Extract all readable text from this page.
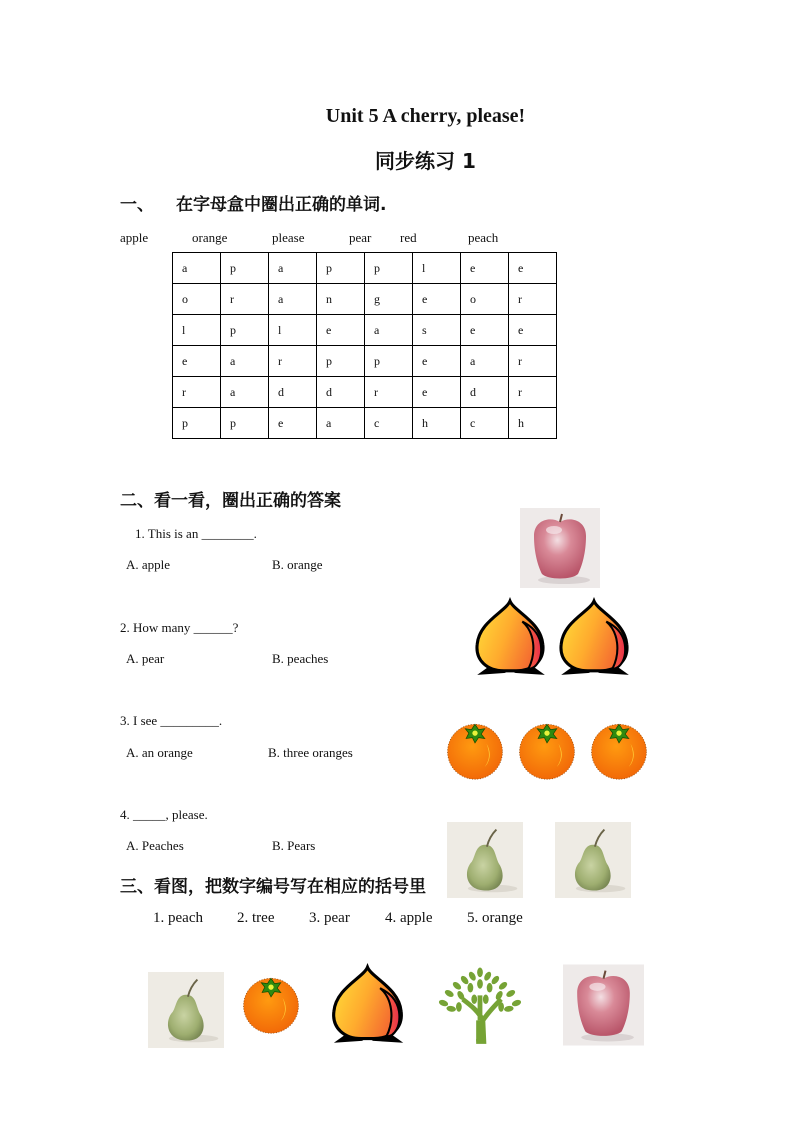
Unit 5 A cherry, please!
同步练习 1
一、 在字母盒中圈出正确的单词.
apple	orange	please	pear red	peach
a	p	a	p	p	l	e	e
o	r	a	n	g	e	o	r
l	p	l	e	a	s	e	e
e	a	r	p	p	e	a	r
r	a	d	d	r	e	d	r
p	p	e	a	c	h	c	h
二、看一看，圈出正确的答案
1. This is an ________.
A. apple	B. orange
2. How many ______?
A. pear	B. peaches
3. I see _________.
A. an orange	B. three oranges
4. _____, please.
A. Peaches	B. Pears
三、看图，把数字编号写在相应的括号里
1. peach 2. tree 3. pear 4. apple 5. orange
